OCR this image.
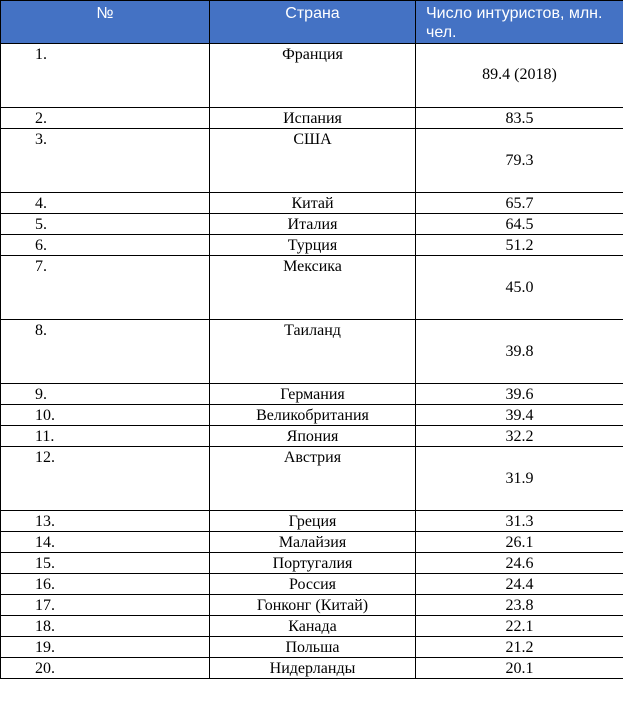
№	Страна	Число интуристов, млн. чел.
1.	Франция	89.4 (2018)
2.	Испания	83.5
3.	США	79.3
4.	Китай	65.7
5.	Италия	64.5
6.	Турция	51.2
7.	Мексика	45.0
8.	Таиланд	39.8
9.	Германия	39.6
10.	Великобритания	39.4
11.	Япония	32.2
12.	Австрия	31.9
13.	Греция	31.3
14.	Малайзия	26.1
15.	Португалия	24.6
16.	Россия	24.4
17.	Гонконг (Китай)	23.8
18.	Канада	22.1
19.	Польша	21.2
20.	Нидерланды	20.1
